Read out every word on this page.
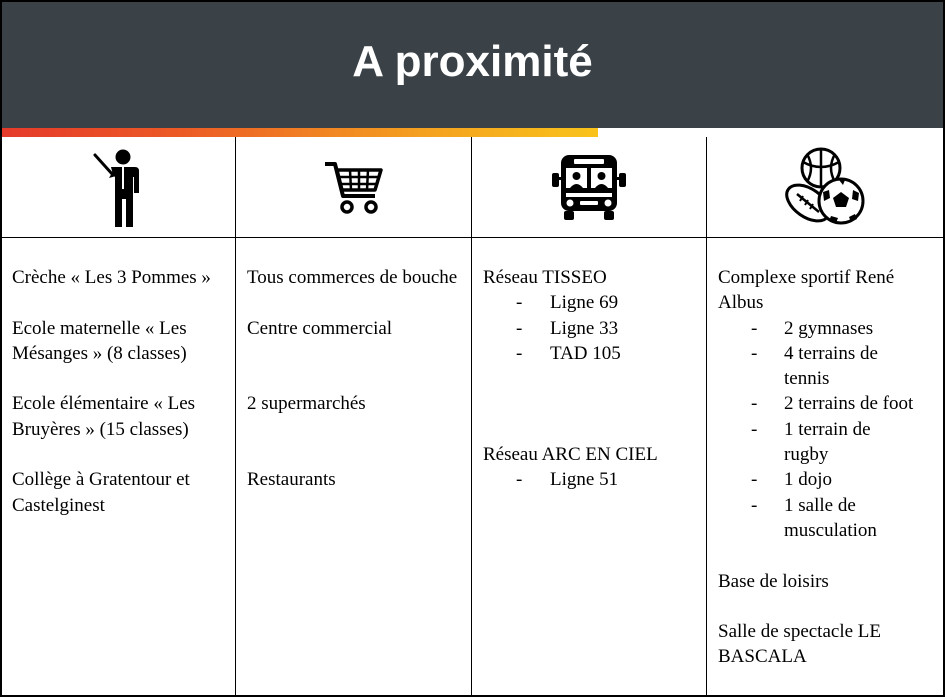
A proximité

Crèche « Les 3 Pommes »

Ecole maternelle « Les Mésanges » (8 classes)

Ecole élémentaire « Les Bruyères » (15 classes)

Collège à Gratentour et Castelginest

Tous commerces de bouche

Centre commercial

2 supermarchés

Restaurants

Réseau TISSEO

- Ligne 69
- Ligne 33
- TAD 105

Réseau ARC EN CIEL

- Ligne 51

Complexe sportif René Albus

- 2 gymnases
- 4 terrains de tennis
- 2 terrains de foot
- 1 terrain de rugby
- 1 dojo
- 1 salle de musculation

Base de loisirs

Salle de spectacle LE BASCALA
